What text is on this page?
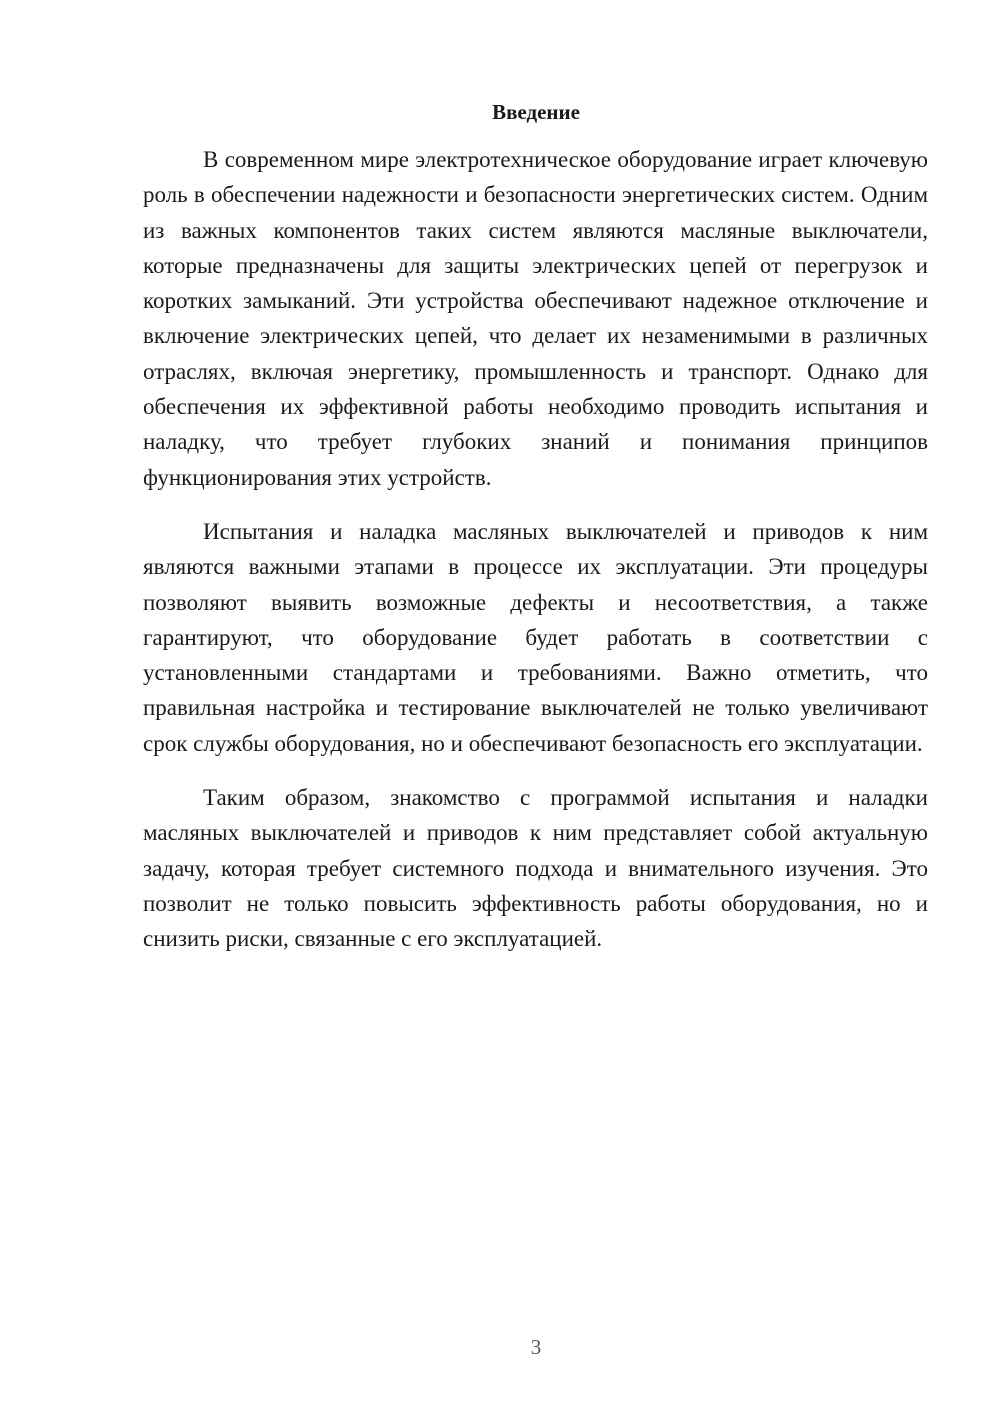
Введение

В современном мире электротехническое оборудование играет ключевую роль в обеспечении надежности и безопасности энергетических систем. Одним из важных компонентов таких систем являются масляные выключатели, которые предназначены для защиты электрических цепей от перегрузок и коротких замыканий. Эти устройства обеспечивают надежное отключение и включение электрических цепей, что делает их незаменимыми в различных отраслях, включая энергетику, промышленность и транспорт. Однако для обеспечения их эффективной работы необходимо проводить испытания и наладку, что требует глубоких знаний и понимания принципов функционирования этих устройств.

Испытания и наладка масляных выключателей и приводов к ним являются важными этапами в процессе их эксплуатации. Эти процедуры позволяют выявить возможные дефекты и несоответствия, а также гарантируют, что оборудование будет работать в соответствии с установленными стандартами и требованиями. Важно отметить, что правильная настройка и тестирование выключателей не только увеличивают срок службы оборудования, но и обеспечивают безопасность его эксплуатации.

Таким образом, знакомство с программой испытания и наладки масляных выключателей и приводов к ним представляет собой актуальную задачу, которая требует системного подхода и внимательного изучения. Это позволит не только повысить эффективность работы оборудования, но и снизить риски, связанные с его эксплуатацией.

3
